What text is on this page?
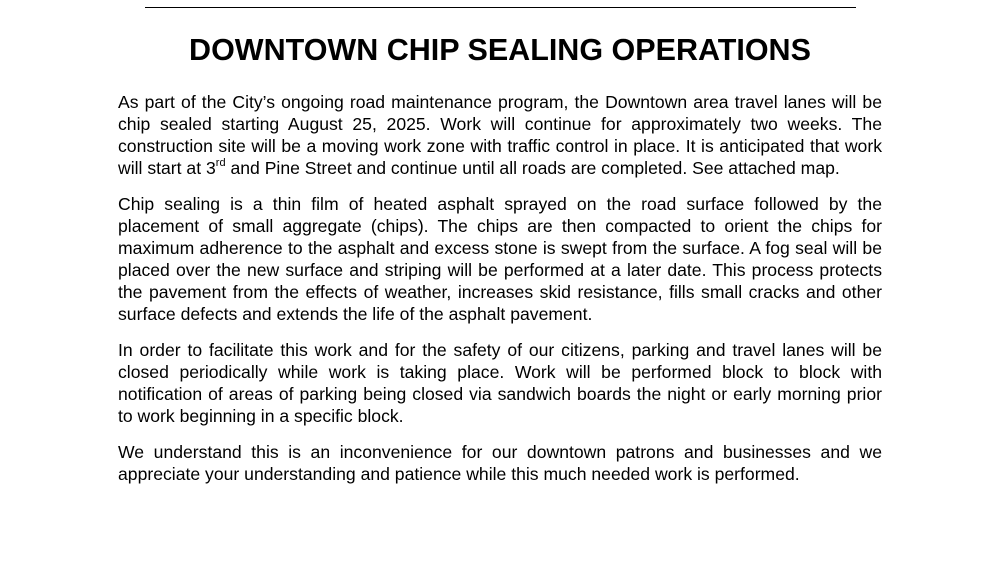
DOWNTOWN CHIP SEALING OPERATIONS

As part of the City’s ongoing road maintenance program, the Downtown area travel lanes will be chip sealed starting August 25, 2025. Work will continue for approximately two weeks. The construction site will be a moving work zone with traffic control in place. It is anticipated that work will start at 3rd and Pine Street and continue until all roads are completed. See attached map.

Chip sealing is a thin film of heated asphalt sprayed on the road surface followed by the placement of small aggregate (chips). The chips are then compacted to orient the chips for maximum adherence to the asphalt and excess stone is swept from the surface. A fog seal will be placed over the new surface and striping will be performed at a later date. This process protects the pavement from the effects of weather, increases skid resistance, fills small cracks and other surface defects and extends the life of the asphalt pavement.

In order to facilitate this work and for the safety of our citizens, parking and travel lanes will be closed periodically while work is taking place. Work will be performed block to block with notification of areas of parking being closed via sandwich boards the night or early morning prior to work beginning in a specific block.

We understand this is an inconvenience for our downtown patrons and businesses and we appreciate your understanding and patience while this much needed work is performed.
